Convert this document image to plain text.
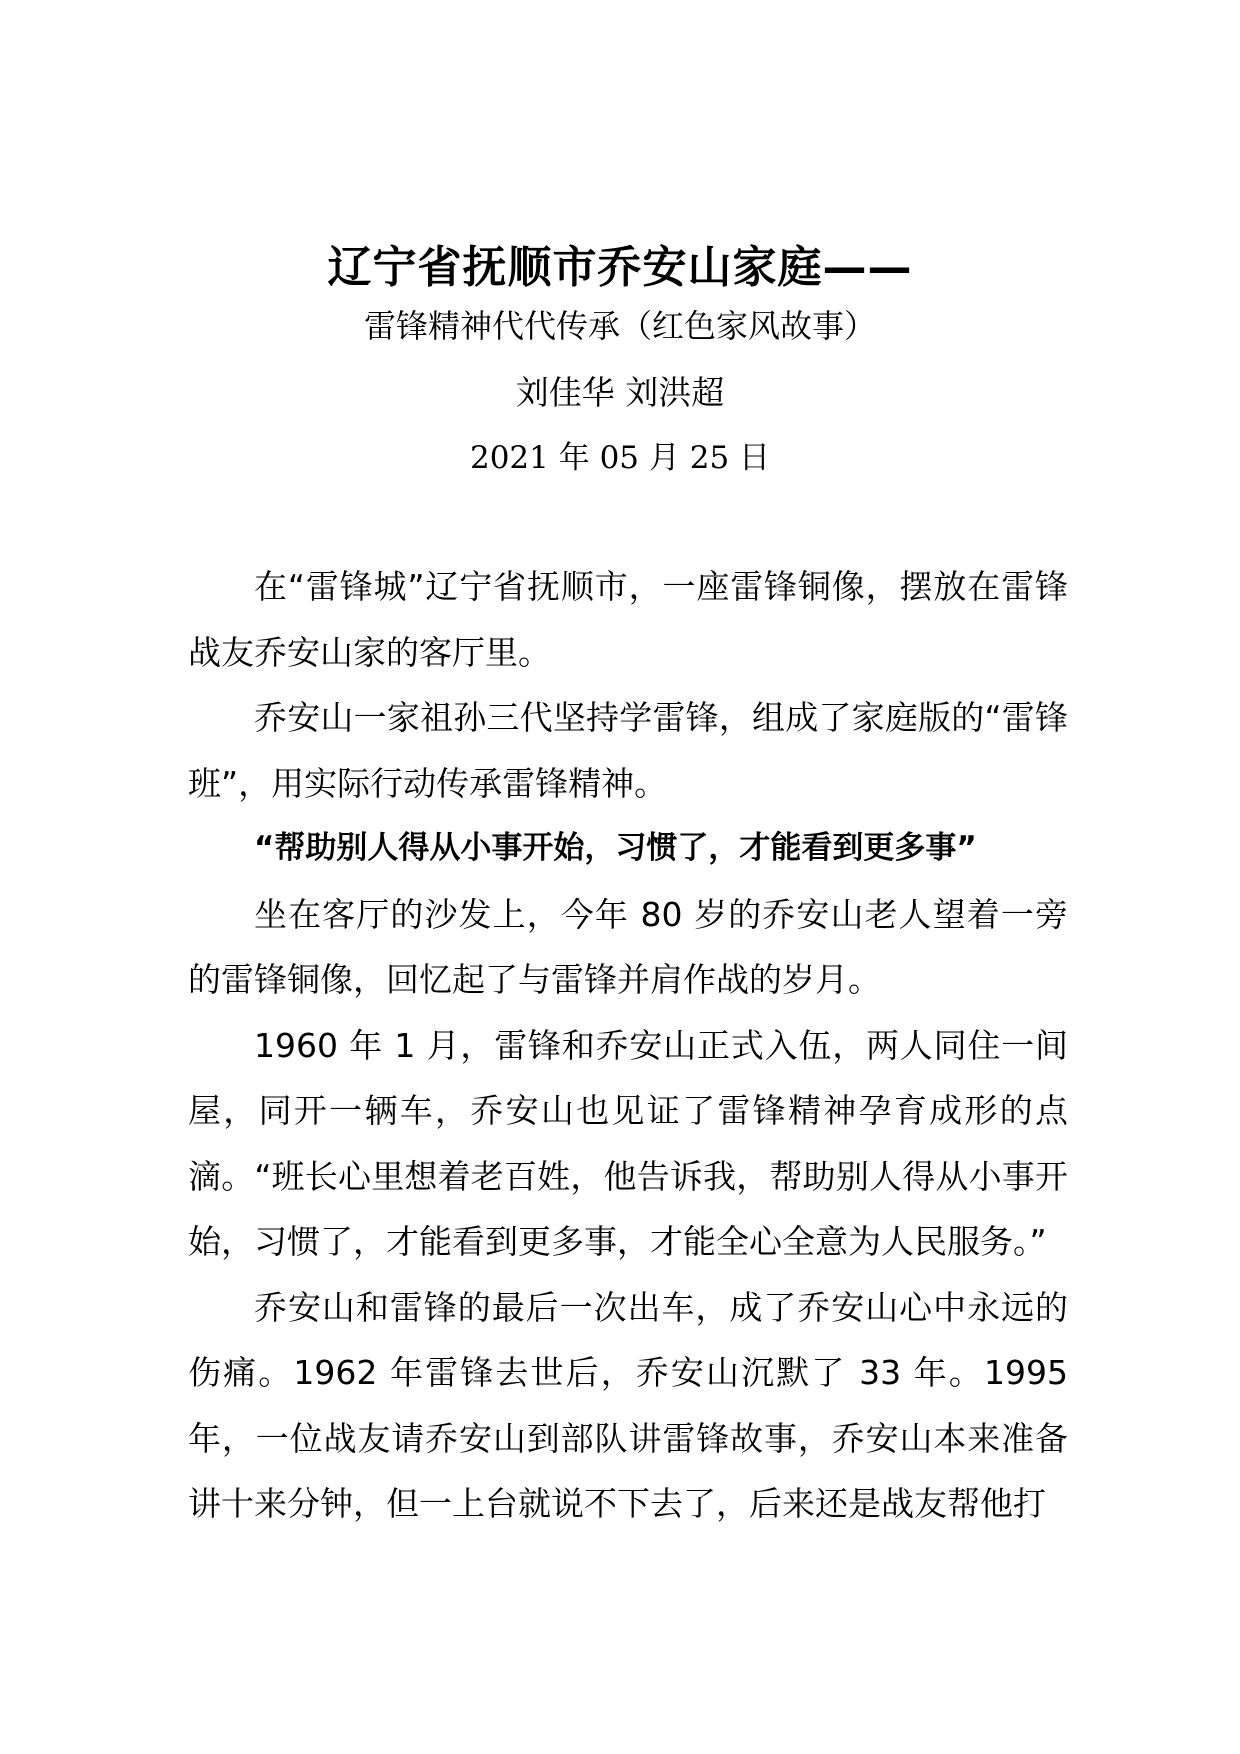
辽宁省抚顺市乔安山家庭——
雷锋精神代代传承（红色家风故事）
刘佳华 刘洪超
2021 年 05 月 25 日

在“雷锋城”辽宁省抚顺市，一座雷锋铜像，摆放在雷锋战友乔安山家的客厅里。

乔安山一家祖孙三代坚持学雷锋，组成了家庭版的“雷锋班”，用实际行动传承雷锋精神。

“帮助别人得从小事开始，习惯了，才能看到更多事”

坐在客厅的沙发上，今年 80 岁的乔安山老人望着一旁的雷锋铜像，回忆起了与雷锋并肩作战的岁月。

1960 年 1 月，雷锋和乔安山正式入伍，两人同住一间屋，同开一辆车，乔安山也见证了雷锋精神孕育成形的点滴。“班长心里想着老百姓，他告诉我，帮助别人得从小事开始，习惯了，才能看到更多事，才能全心全意为人民服务。”

乔安山和雷锋的最后一次出车，成了乔安山心中永远的伤痛。1962 年雷锋去世后，乔安山沉默了 33 年。1995 年，一位战友请乔安山到部队讲雷锋故事，乔安山本来准备讲十来分钟，但一上台就说不下去了，后来还是战友帮他打
